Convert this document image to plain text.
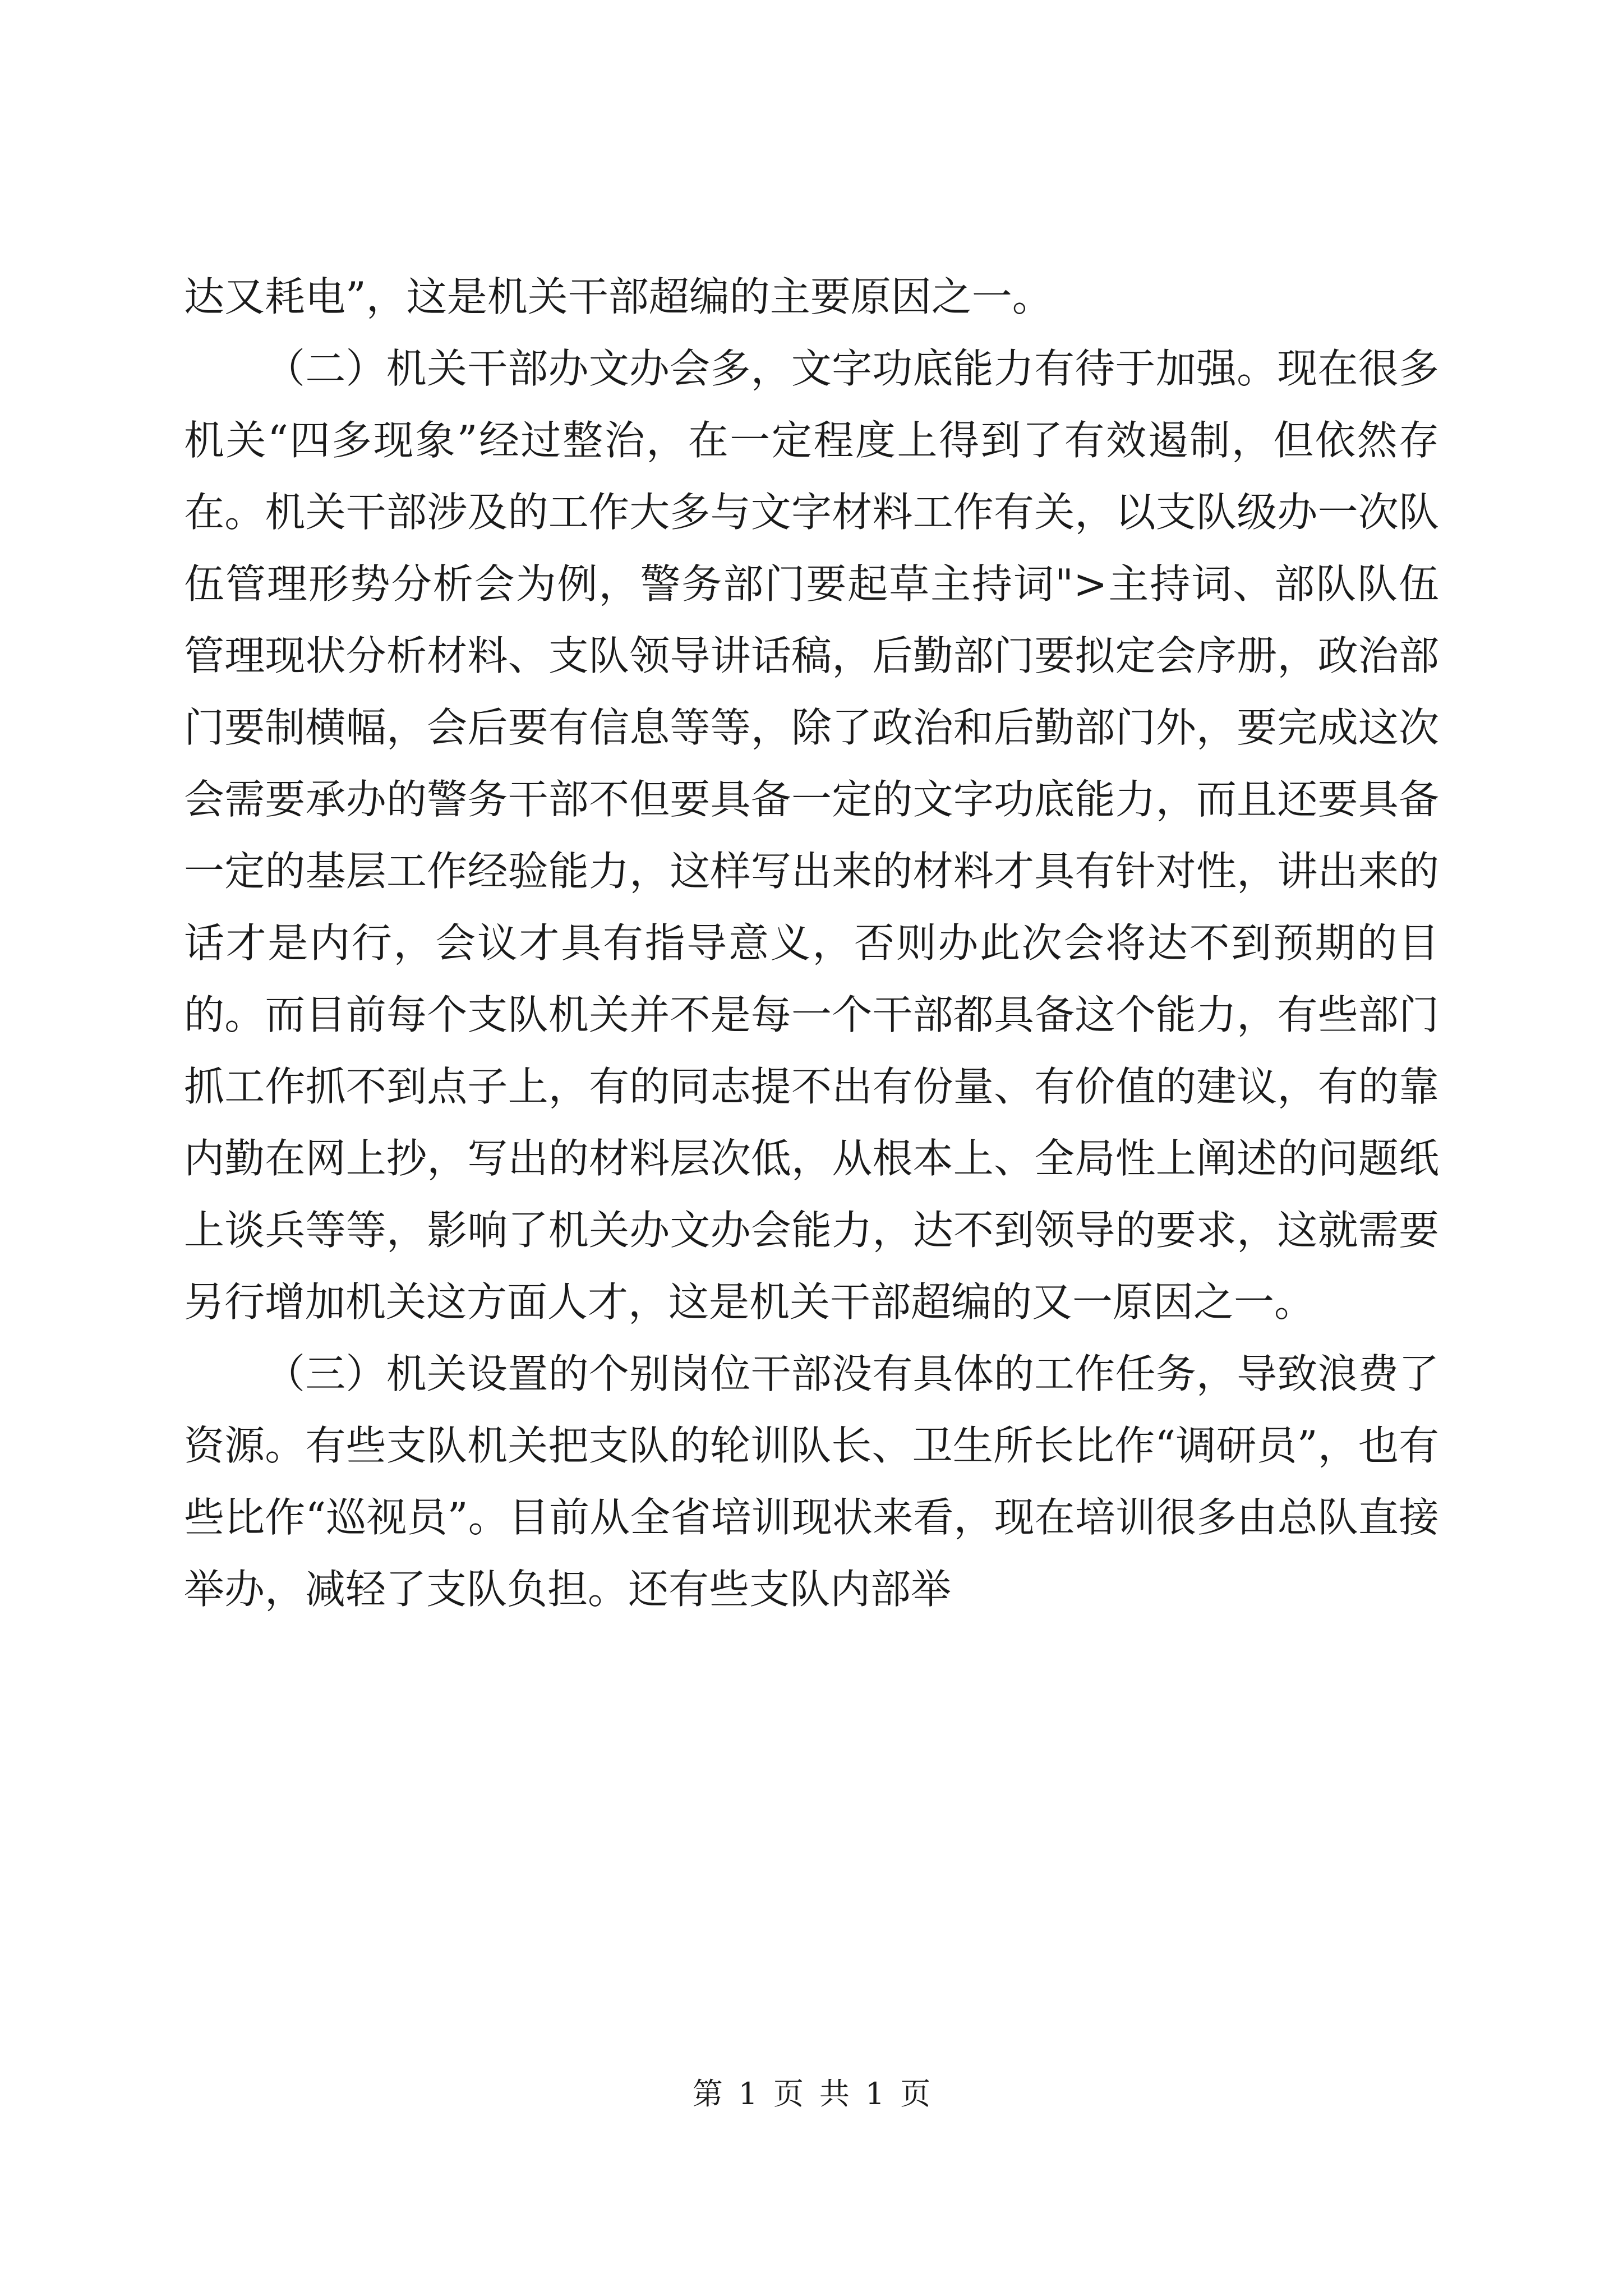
达又耗电”，这是机关干部超编的主要原因之一。

（二）机关干部办文办会多，文字功底能力有待于加强。现在很多机关“四多现象”经过整治，在一定程度上得到了有效遏制，但依然存在。机关干部涉及的工作大多与文字材料工作有关，以支队级办一次队伍管理形势分析会为例，警务部门要起草主持词">主持词、部队队伍管理现状分析材料、支队领导讲话稿，后勤部门要拟定会序册，政治部门要制横幅，会后要有信息等等，除了政治和后勤部门外，要完成这次会需要承办的警务干部不但要具备一定的文字功底能力，而且还要具备一定的基层工作经验能力，这样写出来的材料才具有针对性，讲出来的话才是内行，会议才具有指导意义，否则办此次会将达不到预期的目的。而目前每个支队机关并不是每一个干部都具备这个能力，有些部门抓工作抓不到点子上，有的同志提不出有份量、有价值的建议，有的靠内勤在网上抄，写出的材料层次低，从根本上、全局性上阐述的问题纸上谈兵等等，影响了机关办文办会能力，达不到领导的要求，这就需要另行增加机关这方面人才，这是机关干部超编的又一原因之一。

（三）机关设置的个别岗位干部没有具体的工作任务，导致浪费了资源。有些支队机关把支队的轮训队长、卫生所长比作“调研员”，也有些比作“巡视员”。目前从全省培训现状来看，现在培训很多由总队直接举办，减轻了支队负担。还有些支队内部举

第 1 页 共 1 页
